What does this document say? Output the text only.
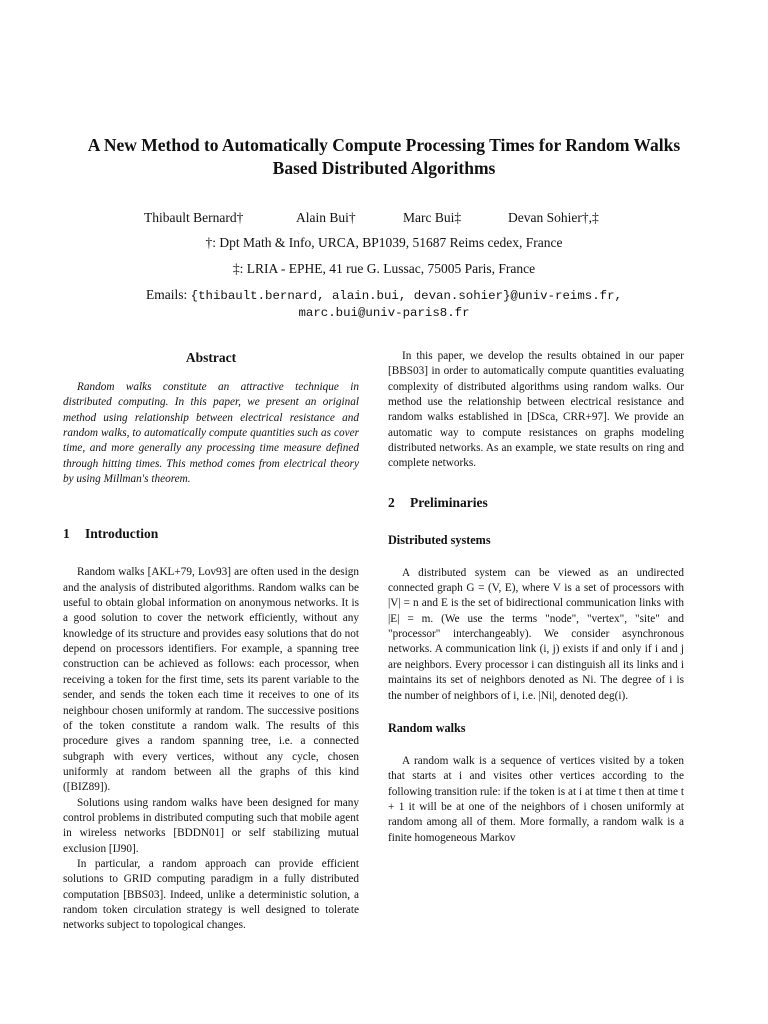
A New Method to Automatically Compute Processing Times for Random Walks
Based Distributed Algorithms
Thibault Bernard†	Alain Bui†	Marc Bui‡	Devan Sohier†,‡
†: Dpt Math & Info, URCA, BP1039, 51687 Reims cedex, France
‡: LRIA - EPHE, 41 rue G. Lussac, 75005 Paris, France
Emails: {thibault.bernard, alain.bui, devan.sohier}@univ-reims.fr,
marc.bui@univ-paris8.fr
Abstract

Random walks constitute an attractive technique in distributed computing. In this paper, we present an original method using relationship between electrical resistance and random walks, to automatically compute quantities such as cover time, and more generally any processing time measure defined through hitting times. This method comes from electrical theory by using Millman's theorem.

1 Introduction

Random walks [AKL+79, Lov93] are often used in the design and the analysis of distributed algorithms. Random walks can be useful to obtain global information on anonymous networks. It is a good solution to cover the network efficiently, without any knowledge of its structure and provides easy solutions that do not depend on processors identifiers. For example, a spanning tree construction can be achieved as follows: each processor, when receiving a token for the first time, sets its parent variable to the sender, and sends the token each time it receives to one of its neighbour chosen uniformly at random. The successive positions of the token constitute a random walk. The results of this procedure gives a random spanning tree, i.e. a connected subgraph with every vertices, without any cycle, chosen uniformly at random between all the graphs of this kind ([BIZ89]).

Solutions using random walks have been designed for many control problems in distributed computing such that mobile agent in wireless networks [BDDN01] or self stabilizing mutual exclusion [IJ90].

In particular, a random approach can provide efficient solutions to GRID computing paradigm in a fully distributed computation [BBS03]. Indeed, unlike a deterministic solution, a random token circulation strategy is well designed to tolerate networks subject to topological changes.

In this paper, we develop the results obtained in our paper [BBS03] in order to automatically compute quantities evaluating complexity of distributed algorithms using random walks. Our method use the relationship between electrical resistance and random walks established in [DSca, CRR+97]. We provide an automatic way to compute resistances on graphs modeling distributed networks. As an example, we state results on ring and complete networks.

2 Preliminaries
Distributed systems

A distributed system can be viewed as an undirected connected graph G = (V, E), where V is a set of processors with |V| = n and E is the set of bidirectional communication links with |E| = m. (We use the terms "node", "vertex", "site" and "processor" interchangeably). We consider asynchronous networks. A communication link (i, j) exists if and only if i and j are neighbors. Every processor i can distinguish all its links and i maintains its set of neighbors denoted as Ni. The degree of i is the number of neighbors of i, i.e. |Ni|, denoted deg(i).

Random walks

A random walk is a sequence of vertices visited by a token that starts at i and visites other vertices according to the following transition rule: if the token is at i at time t then at time t + 1 it will be at one of the neighbors of i chosen uniformly at random among all of them. More formally, a random walk is a finite homogeneous Markov
